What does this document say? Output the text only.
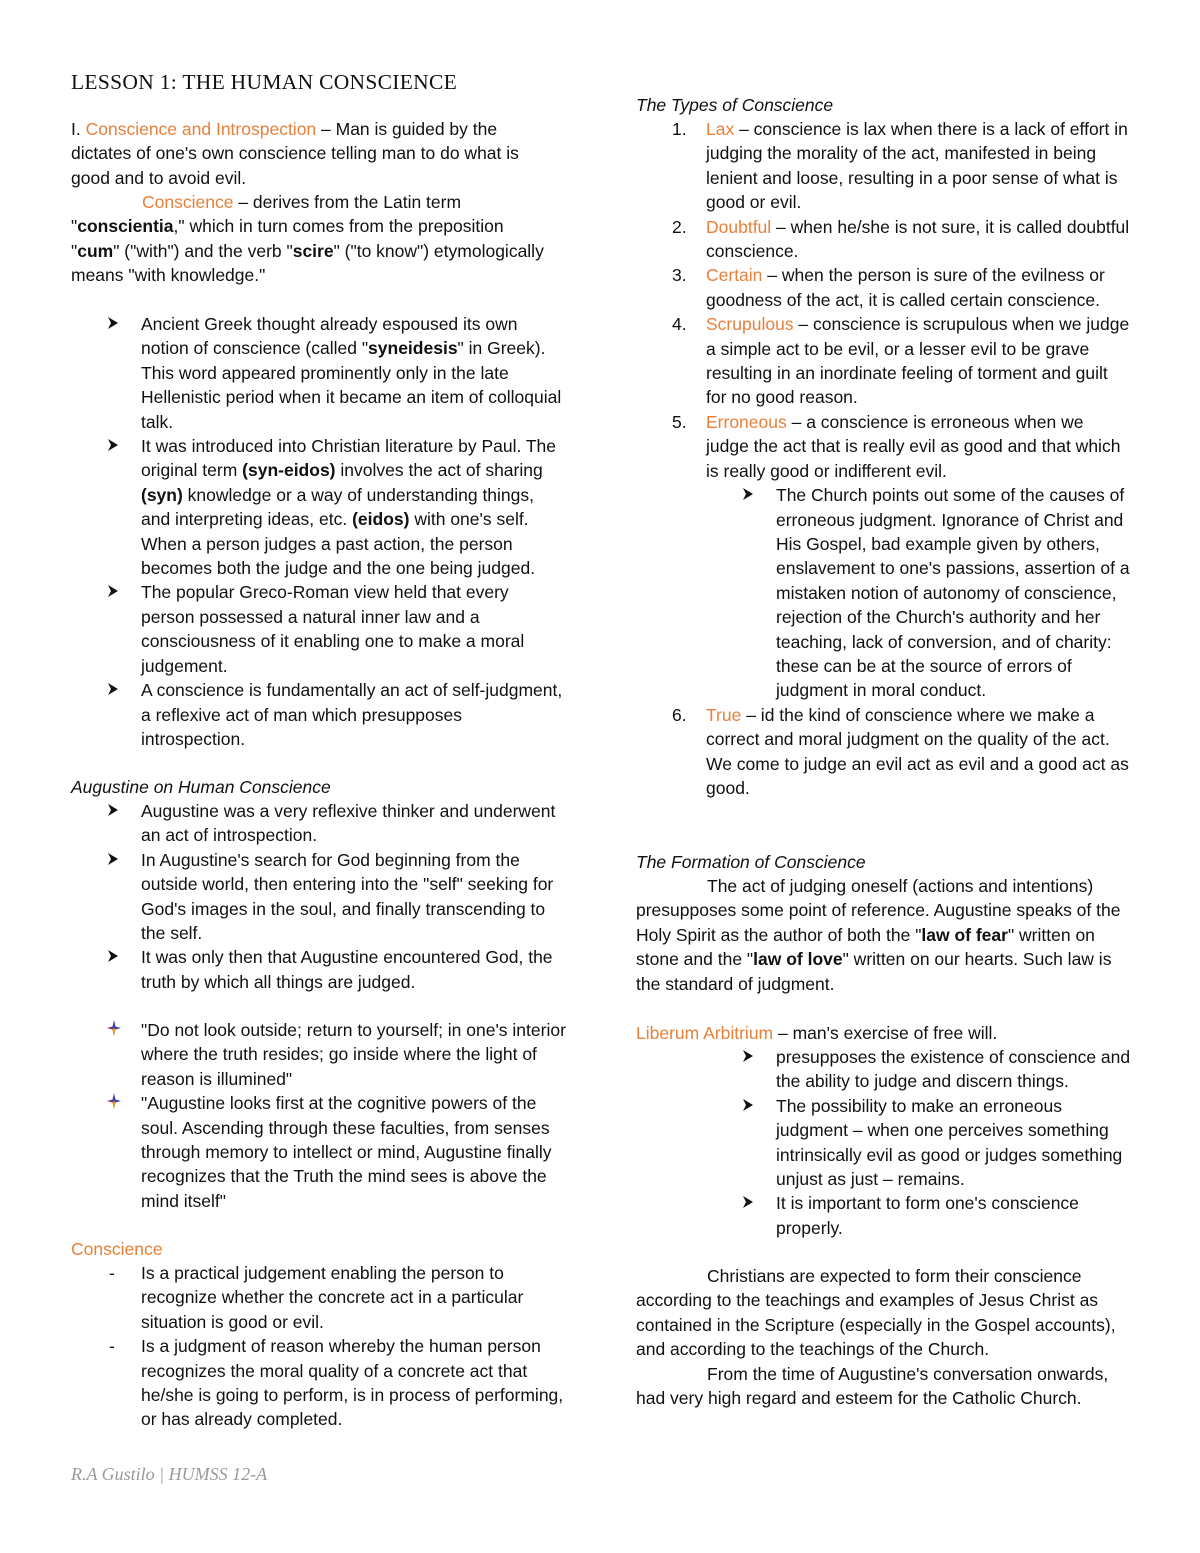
LESSON 1: THE HUMAN CONSCIENCE

I. Conscience and Introspection – Man is guided by the dictates of one's own conscience telling man to do what is good and to avoid evil.

Conscience – derives from the Latin term "conscientia," which in turn comes from the preposition "cum" ("with") and the verb "scire" ("to know") etymologically means "with knowledge."

Ancient Greek thought already espoused its own notion of conscience (called "syneidesis" in Greek). This word appeared prominently only in the late Hellenistic period when it became an item of colloquial talk.
It was introduced into Christian literature by Paul. The original term (syn-eidos) involves the act of sharing (syn) knowledge or a way of understanding things, and interpreting ideas, etc. (eidos) with one's self. When a person judges a past action, the person becomes both the judge and the one being judged.
The popular Greco-Roman view held that every person possessed a natural inner law and a consciousness of it enabling one to make a moral judgement.
A conscience is fundamentally an act of self-judgment, a reflexive act of man which presupposes introspection.
Augustine on Human Conscience
Augustine was a very reflexive thinker and underwent an act of introspection.
In Augustine's search for God beginning from the outside world, then entering into the "self" seeking for God's images in the soul, and finally transcending to the self.
It was only then that Augustine encountered God, the truth by which all things are judged.
"Do not look outside; return to yourself; in one's interior where the truth resides; go inside where the light of reason is illumined"
"Augustine looks first at the cognitive powers of the soul. Ascending through these faculties, from senses through memory to intellect or mind, Augustine finally recognizes that the Truth the mind sees is above the mind itself"
Conscience
- Is a practical judgement enabling the person to recognize whether the concrete act in a particular situation is good or evil.
- Is a judgment of reason whereby the human person recognizes the moral quality of a concrete act that he/she is going to perform, is in process of performing, or has already completed.
The Types of Conscience
1. Lax – conscience is lax when there is a lack of effort in judging the morality of the act, manifested in being lenient and loose, resulting in a poor sense of what is good or evil.
2. Doubtful – when he/she is not sure, it is called doubtful conscience.
3. Certain – when the person is sure of the evilness or goodness of the act, it is called certain conscience.
4. Scrupulous – conscience is scrupulous when we judge a simple act to be evil, or a lesser evil to be grave resulting in an inordinate feeling of torment and guilt for no good reason.
5. Erroneous – a conscience is erroneous when we judge the act that is really evil as good and that which is really good or indifferent evil.
The Church points out some of the causes of erroneous judgment. Ignorance of Christ and His Gospel, bad example given by others, enslavement to one's passions, assertion of a mistaken notion of autonomy of conscience, rejection of the Church's authority and her teaching, lack of conversion, and of charity: these can be at the source of errors of judgment in moral conduct.
6. True – id the kind of conscience where we make a correct and moral judgment on the quality of the act. We come to judge an evil act as evil and a good act as good.
The Formation of Conscience

The act of judging oneself (actions and intentions) presupposes some point of reference. Augustine speaks of the Holy Spirit as the author of both the "law of fear" written on stone and the "law of love" written on our hearts. Such law is the standard of judgment.

Liberum Arbitrium – man's exercise of free will.
presupposes the existence of conscience and the ability to judge and discern things.
The possibility to make an erroneous judgment – when one perceives something intrinsically evil as good or judges something unjust as just – remains.
It is important to form one's conscience properly.

Christians are expected to form their conscience according to the teachings and examples of Jesus Christ as contained in the Scripture (especially in the Gospel accounts), and according to the teachings of the Church.

From the time of Augustine's conversation onwards, had very high regard and esteem for the Catholic Church.

R.A Gustilo | HUMSS 12-A
